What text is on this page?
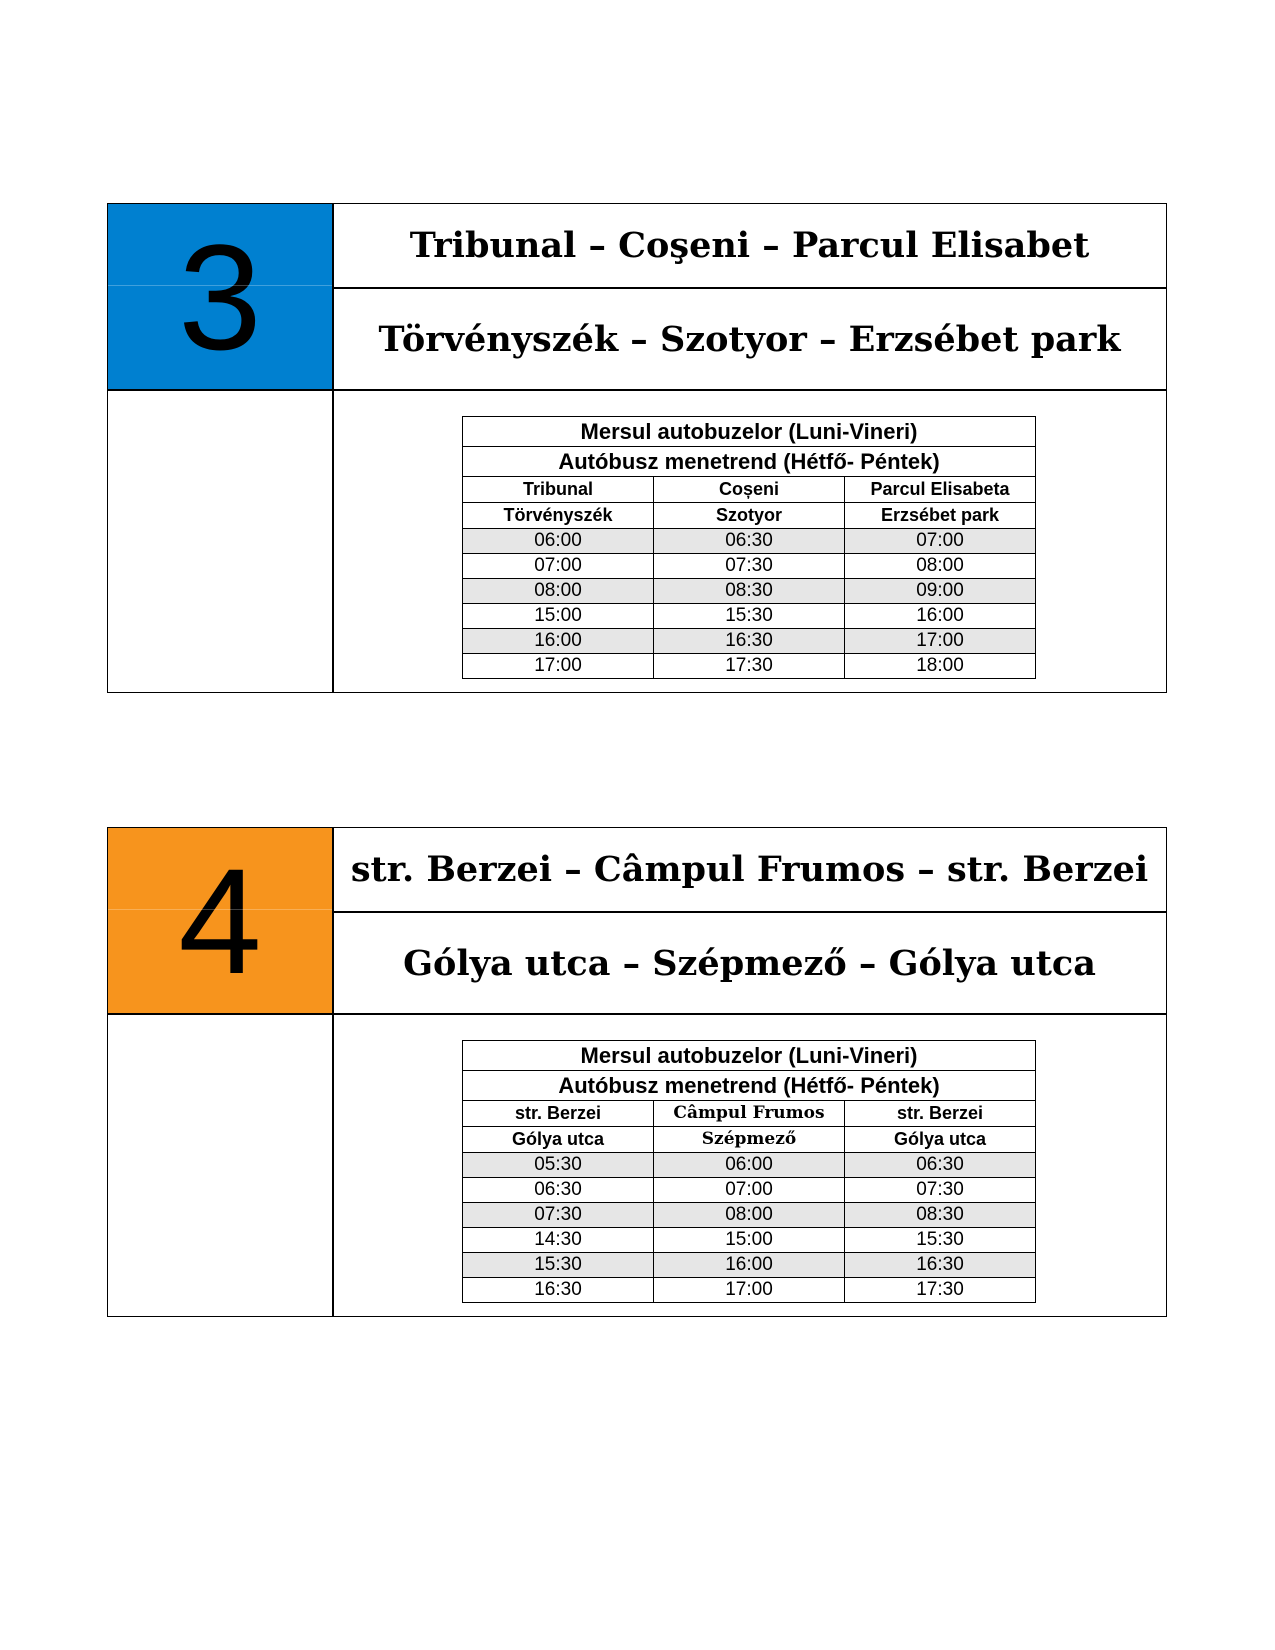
3	Tribunal – Coşeni – Parcul Elisabet
Törvényszék – Szotyor – Erzsébet park
Mersul autobuzelor (Luni-Vineri)		
Autóbusz menetrend (Hétfő- Péntek)		
Tribunal	Coșeni	Parcul Elisabeta
Törvényszék	Szotyor	Erzsébet park
06:00	06:30	07:00
07:00	07:30	08:00
08:00	08:30	09:00
15:00	15:30	16:00
16:00	16:30	17:00
17:00	17:30	18:00
4	str. Berzei – Câmpul Frumos – str. Berzei
Gólya utca – Szépmező – Gólya utca
Mersul autobuzelor (Luni-Vineri)		
Autóbusz menetrend (Hétfő- Péntek)		
str. Berzei	Câmpul Frumos	str. Berzei
Gólya utca	Szépmező	Gólya utca
05:30	06:00	06:30
06:30	07:00	07:30
07:30	08:00	08:30
14:30	15:00	15:30
15:30	16:00	16:30
16:30	17:00	17:30
